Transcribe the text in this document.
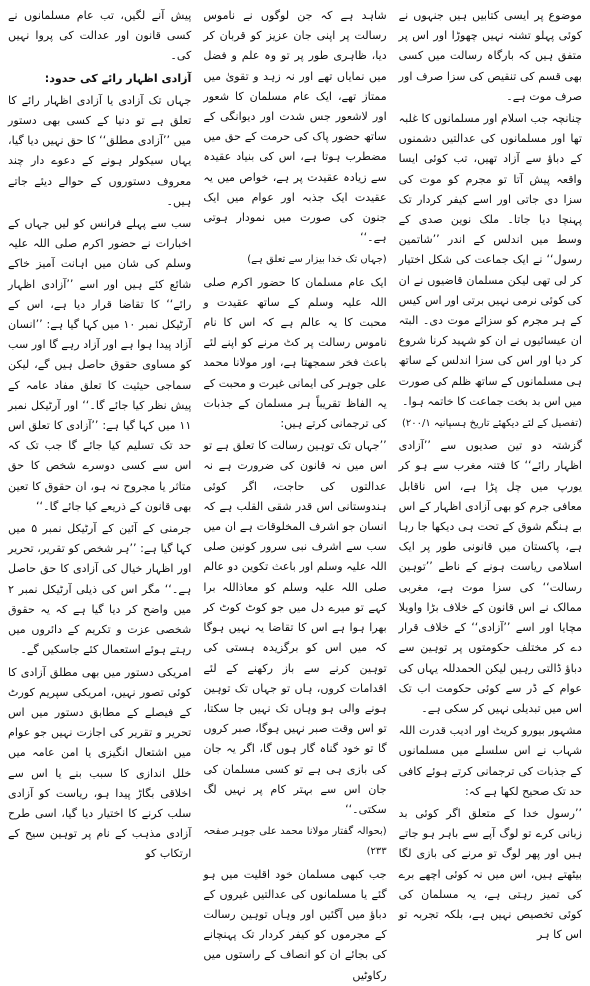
موضوع پر ایسی کتابیں ہیں جنہوں نے کوئی پہلو تشنہ نہیں چھوڑا اور اس پر متفق ہیں کہ بارگاہ رسالت میں کسی بھی قسم کی تنقیص کی سزا صرف اور صرف موت ہے۔

چنانچہ جب اسلام اور مسلمانوں کا غلبہ تھا اور مسلمانوں کی عدالتیں دشمنوں کے دباؤ سے آزاد تھیں، تب کوئی ایسا واقعہ پیش آتا تو مجرم کو موت کی سزا دی جاتی اور اسے کیفر کردار تک پہنچا دیا جاتا۔ ملک نوین صدی کے وسط میں اندلس کے اندر ’’شاتمین رسول‘‘ نے ایک جماعت کی شکل اختیار کر لی تھی لیکن مسلمان قاضیوں نے ان کی کوئی نرمی نہیں برتی اور اس کیس کے ہر مجرم کو سزائے موت دی۔ البتہ ان عیسائیوں نے ان کو شہید کرنا شروع کر دیا اور اس کی سزا اندلس کے ساتھ ہی مسلمانوں کے ساتھ ظلم کی صورت میں اس بد بخت جماعت کا خاتمہ ہوا۔

(تفصیل کے لئے دیکھئے تاریخ ہسپانیہ ۲۰۰/۱)

گزشتہ دو تین صدیوں سے ’’آزادی اظہار رائے‘‘ کا فتنہ مغرب سے ہو کر یورپ میں چل پڑا ہے، اس ناقابل معافی جرم کو بھی آزادی اظہار کے اس بے ہنگم شوق کے تحت ہی دیکھا جا رہا ہے، پاکستان میں قانونی طور پر ایک اسلامی ریاست ہونے کے ناطے ’’توہین رسالت‘‘ کی سزا موت ہے، مغربی ممالک نے اس قانون کے خلاف بڑا واویلا مچایا اور اسے ’’آزادی‘‘ کے خلاف قرار دے کر مختلف حکومتوں پر توہین سے دباؤ ڈالتی رہیں لیکن الحمدللہ یہاں کی عوام کے ڈر سے کوئی حکومت اب تک اس میں تبدیلی نہیں کر سکی ہے۔

مشہور بیورو کریٹ اور ادیب قدرت اللہ شہاب نے اس سلسلے میں مسلمانوں کے جذبات کی ترجمانی کرتے ہوئے کافی حد تک صحیح لکھا ہے کہ:

’’رسول خدا کے متعلق اگر کوئی بد زبانی کرے تو لوگ آپے سے باہر ہو جاتے ہیں اور پھر لوگ تو مرنے کی بازی لگا بیٹھتے ہیں، اس میں نہ کوئی اچھے برے کی تمیز رہتی ہے، یہ مسلمان کی کوئی تخصیص نہیں ہے، بلکہ تجربہ تو اس کا ہر

شاہد ہے کہ جن لوگوں نے ناموس رسالت پر اپنی جان عزیز کو قربان کر دیا، ظاہری طور پر تو وہ علم و فضل میں نمایاں تھے اور نہ زہد و تقویٰ میں ممتاز تھے، ایک عام مسلمان کا شعور اور لاشعور جس شدت اور دیوانگی کے ساتھ حضور پاک کی حرمت کے حق میں مضطرب ہوتا ہے، اس کی بنیاد عقیدہ سے زیادہ عقیدت پر ہے، خواص میں یہ عقیدت ایک جذبہ اور عوام میں ایک جنون کی صورت میں نمودار ہوتی ہے۔‘‘

(جہاں تک خدا بیزار سے تعلق ہے)

ایک عام مسلمان کا حضور اکرم صلی اللہ علیہ وسلم کے ساتھ عقیدت و محبت کا یہ عالم ہے کہ اس کا نام ناموس رسالت پر کٹ مرنے کو اپنے لئے باعث فخر سمجھتا ہے، اور مولانا محمد علی جوہر کی ایمانی غیرت و محبت کے یہ الفاظ تقریباً ہر مسلمان کے جذبات کی ترجمانی کرتے ہیں:

’’جہاں تک توہین رسالت کا تعلق ہے تو اس میں نہ قانون کی ضرورت ہے نہ عدالتوں کی حاجت، اگر کوئی ہندوستانی اس قدر شقی القلب ہے کہ انسان جو اشرف المخلوقات ہے ان میں سب سے اشرف نبی سرور کونین صلی اللہ علیہ وسلم اور باعث تکوین دو عالم صلی اللہ علیہ وسلم کو معاذاللہ برا کہے تو میرے دل میں جو کوٹ کوٹ کر بھرا ہوا ہے اس کا تقاضا یہ نہیں ہوگا کہ میں اس کو برگزیدہ ہستی کی توہین کرنے سے باز رکھنے کے لئے اقدامات کروں، ہاں تو جہاں تک توہین ہونے والی ہو وہاں تک نہیں جا سکتا، تو اس وقت صبر نہیں ہوگا، صبر کروں گا تو خود گناہ گار ہوں گا، اگر یہ جان کی بازی ہی ہے تو کسی مسلمان کی جان اس سے بہتر کام پر نہیں لگ سکتی۔‘‘

(بحوالہ گفتار مولانا محمد علی جوہر صفحہ ۲۳۳)

جب کبھی مسلمان خود اقلیت میں ہو گئے یا مسلمانوں کی عدالتیں غیروں کے دباؤ میں آگئیں اور وہاں توہین رسالت کے مجرموں کو کیفر کردار تک پہنچانے کی بجائے ان کو انصاف کے راستوں میں رکاوٹیں

پیش آنے لگیں، تب عام مسلمانوں نے کسی قانون اور عدالت کی پروا نہیں کی۔

آزادی اظہار رائے کی حدود:

جہاں تک آزادی یا آزادی اظہار رائے کا تعلق ہے تو دنیا کے کسی بھی دستور میں ’’آزادی مطلق‘‘ کا حق نہیں دیا گیا، یہاں سیکولر ہونے کے دعوے دار چند معروف دستوروں کے حوالے دیئے جاتے ہیں۔

سب سے پہلے فرانس کو لیں جہاں کے اخبارات نے حضور اکرم صلی اللہ علیہ وسلم کی شان میں اہانت آمیز خاکے شائع کئے ہیں اور اسے ’’آزادی اظہار رائے‘‘ کا تقاضا قرار دیا ہے، اس کے آرٹیکل نمبر ۱۰ میں کہا گیا ہے: ’’انسان آزاد پیدا ہوا ہے اور آزاد رہے گا اور سب کو مساوی حقوق حاصل ہیں گے، لیکن سماجی حیثیت کا تعلق مفاد عامہ کے پیش نظر کیا جائے گا۔‘‘ اور آرٹیکل نمبر ۱۱ میں کہا گیا ہے: ’’آزادی کا تعلق اس حد تک تسلیم کیا جائے گا جب تک کہ اس سے کسی دوسرے شخص کا حق متاثر یا مجروح نہ ہو، ان حقوق کا تعین بھی قانون کے ذریعے کیا جائے گا۔‘‘

جرمنی کے آئین کے آرٹیکل نمبر ۵ میں کہا گیا ہے: ’’ہر شخص کو تقریر، تحریر اور اظہار خیال کی آزادی کا حق حاصل ہے۔‘‘ مگر اس کی ذیلی آرٹیکل نمبر ۲ میں واضح کر دیا گیا ہے کہ یہ حقوق شخصی عزت و تکریم کے دائروں میں رہتے ہوئے استعمال کئے جاسکیں گے۔

امریکی دستور میں بھی مطلق آزادی کا کوئی تصور نہیں، امریکی سپریم کورٹ کے فیصلے کے مطابق دستور میں اس تحریر و تقریر کی اجازت نہیں جو عوام میں اشتعال انگیزی یا امن عامہ میں خلل اندازی کا سبب بنے یا اس سے اخلاقی بگاڑ پیدا ہو، ریاست کو آزادی سلب کرنے کا اختیار دیا گیا، اسی طرح آزادی مذہب کے نام پر توہین سیح کے ارتکاب کو
